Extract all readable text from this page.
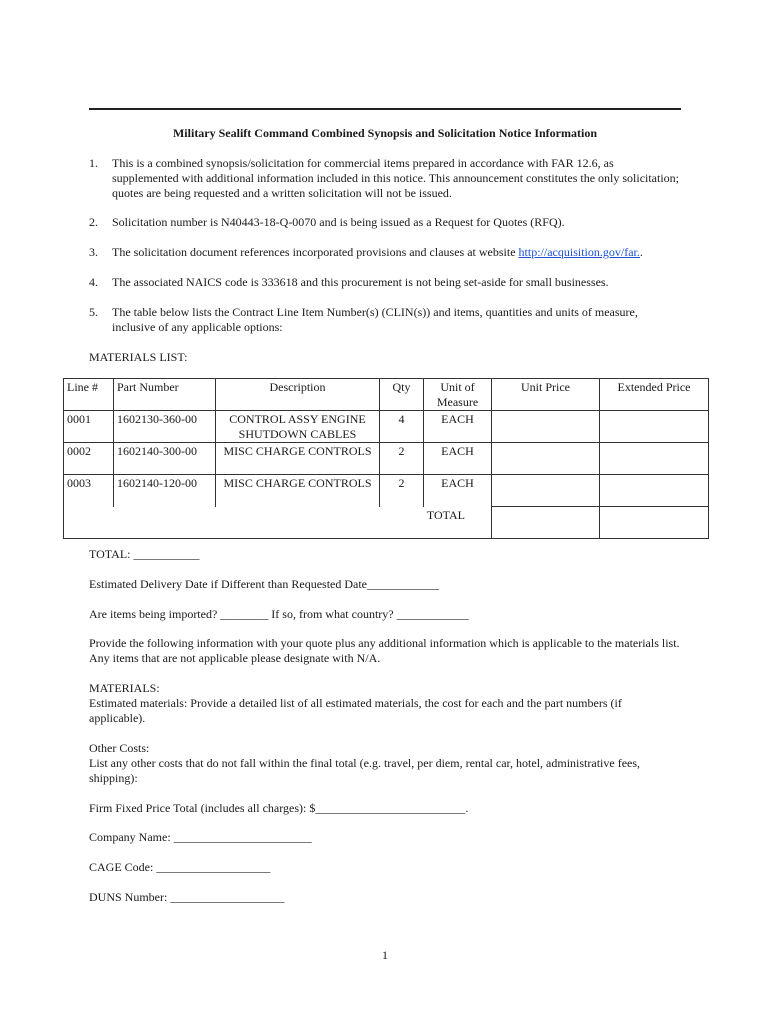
Military Sealift Command Combined Synopsis and Solicitation Notice Information
1. This is a combined synopsis/solicitation for commercial items prepared in accordance with FAR 12.6, as supplemented with additional information included in this notice. This announcement constitutes the only solicitation; quotes are being requested and a written solicitation will not be issued.
2. Solicitation number is N40443-18-Q-0070 and is being issued as a Request for Quotes (RFQ).
3. The solicitation document references incorporated provisions and clauses at website http://acquisition.gov/far..
4. The associated NAICS code is 333618 and this procurement is not being set-aside for small businesses.
5. The table below lists the Contract Line Item Number(s) (CLIN(s)) and items, quantities and units of measure, inclusive of any applicable options:
MATERIALS LIST:
Line #	Part Number	Description	Qty	Unit of Measure	Unit Price	Extended Price
0001	1602130-360-00	CONTROL ASSY ENGINE SHUTDOWN CABLES	4	EACH		
0002	1602140-300-00	MISC CHARGE CONTROLS	2	EACH		
0003	1602140-120-00	MISC CHARGE CONTROLS	2	EACH		
TOTAL						
TOTAL: ___________
Estimated Delivery Date if Different than Requested Date____________
Are items being imported? ________ If so, from what country? ____________
Provide the following information with your quote plus any additional information which is applicable to the materials list. Any items that are not applicable please designate with N/A.
MATERIALS:
Estimated materials: Provide a detailed list of all estimated materials, the cost for each and the part numbers (if applicable).
Other Costs:
List any other costs that do not fall within the final total (e.g. travel, per diem, rental car, hotel, administrative fees, shipping):
Firm Fixed Price Total (includes all charges): $_________________________.
Company Name: _______________________
CAGE Code: ___________________
DUNS Number: ___________________
1
